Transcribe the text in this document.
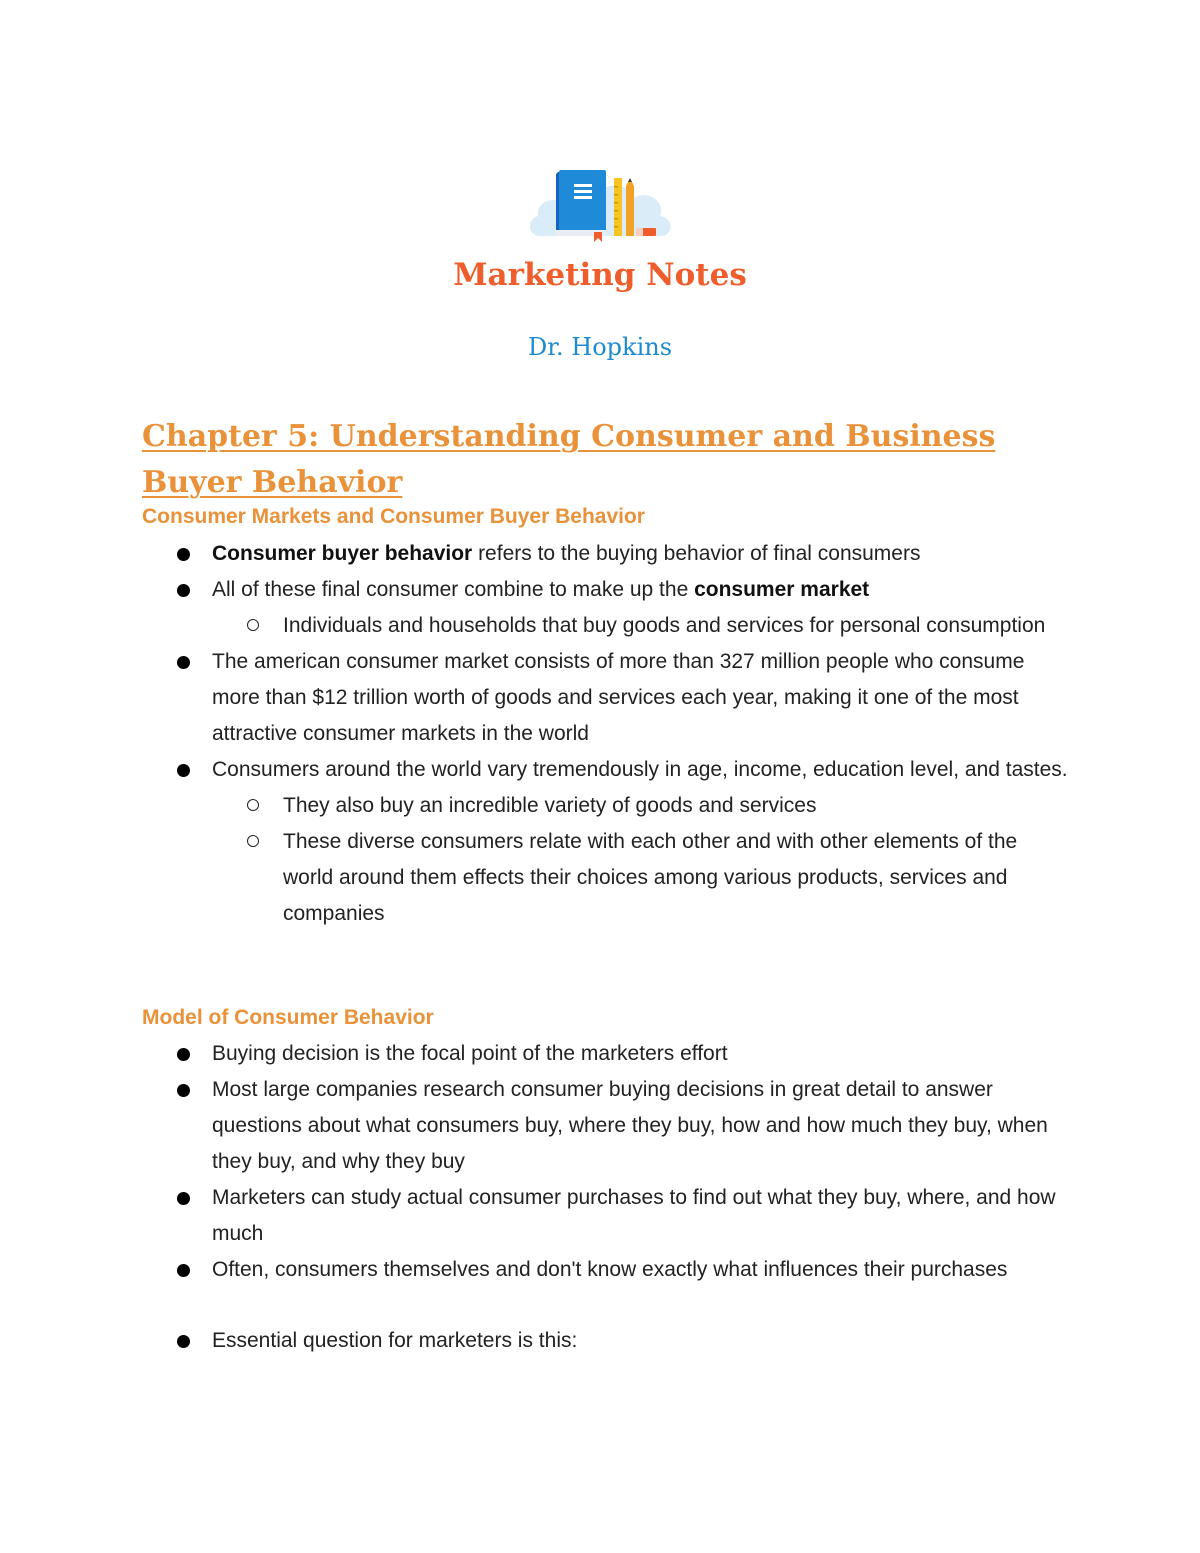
Marketing Notes

Dr. Hopkins

Chapter 5: Understanding Consumer and Business
Buyer Behavior
Consumer Markets and Consumer Buyer Behavior
Consumer buyer behavior refers to the buying behavior of final consumers
All of these final consumer combine to make up the consumer market
Individuals and households that buy goods and services for personal consumption
The american consumer market consists of more than 327 million people who consume more than $12 trillion worth of goods and services each year, making it one of the most attractive consumer markets in the world
Consumers around the world vary tremendously in age, income, education level, and tastes.
They also buy an incredible variety of goods and services
These diverse consumers relate with each other and with other elements of the world around them effects their choices among various products, services and companies
Model of Consumer Behavior
Buying decision is the focal point of the marketers effort
Most large companies research consumer buying decisions in great detail to answer questions about what consumers buy, where they buy, how and how much they buy, when they buy, and why they buy
Marketers can study actual consumer purchases to find out what they buy, where, and how much
Often, consumers themselves and don't know exactly what influences their purchases
Essential question for marketers is this:
